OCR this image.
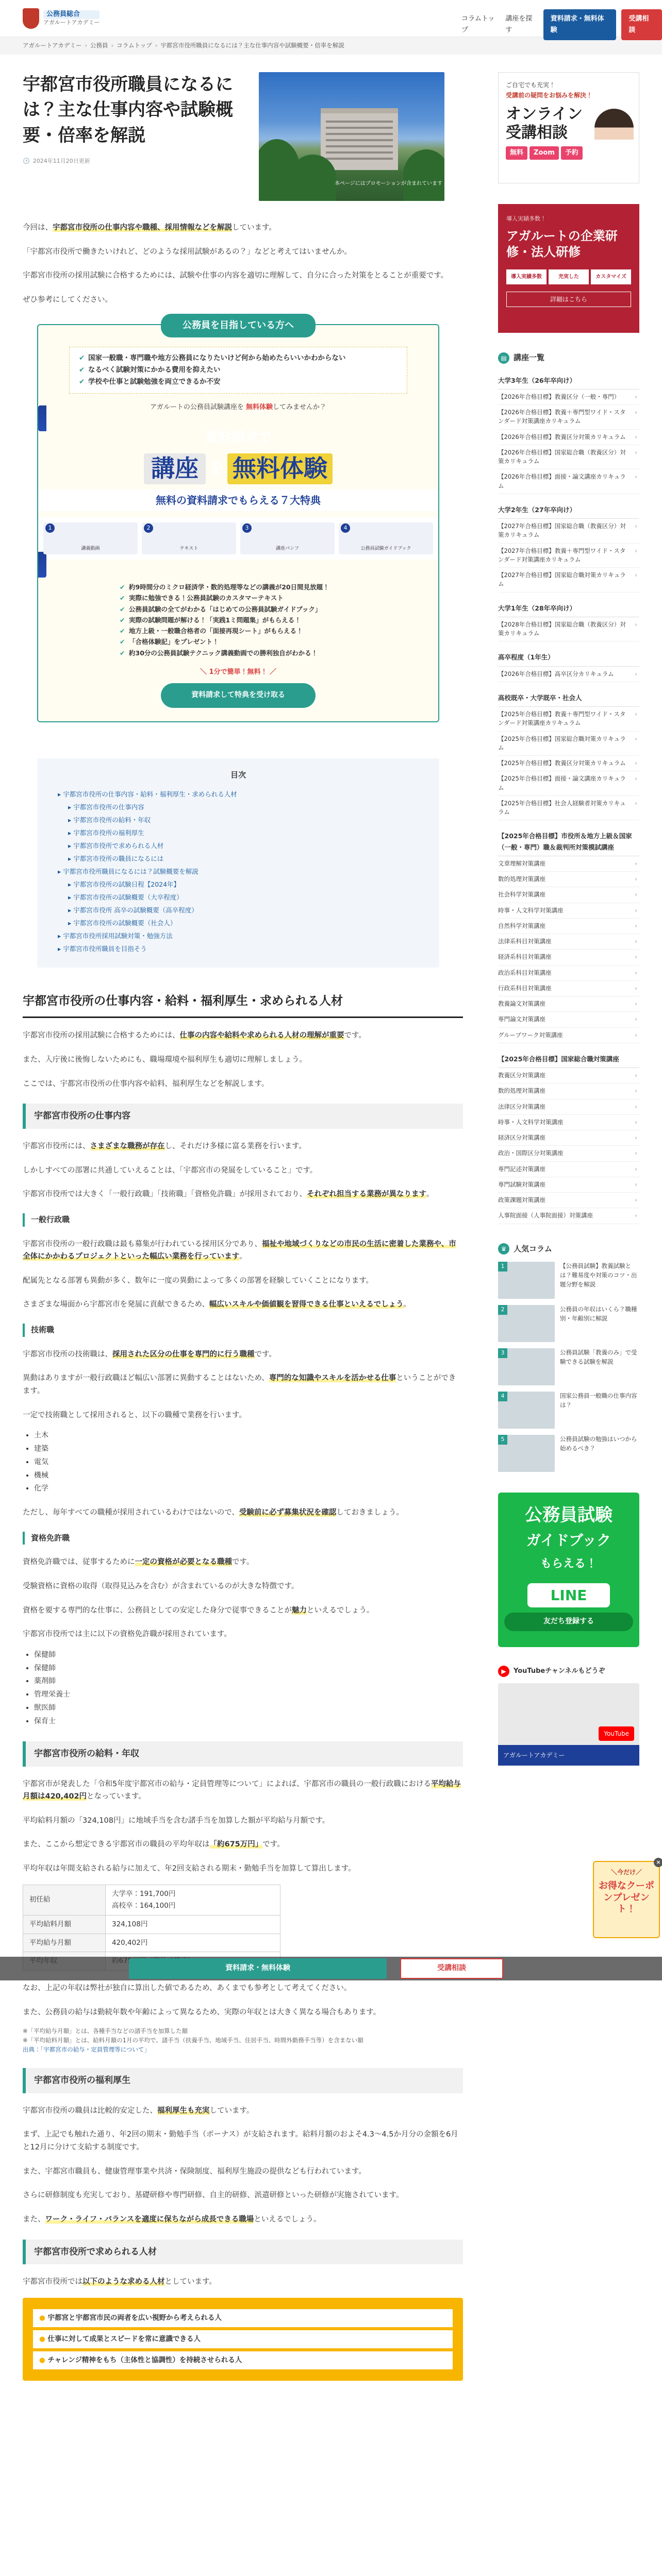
公務員総合
アガルートアカデミー	コラムトップ
講座を探す
資料請求・無料体験
受講相談
アガルートアカデミー › 公務員 › コラムトップ › 宇都宮市役所職員になるには？主な仕事内容や試験概要・倍率を解説
宇都宮市役所職員になるには？主な仕事内容や試験概要・倍率を解説
🕒 2024年11月20日更新
本ページにはプロモーションが含まれています

今回は、宇都宮市役所の仕事内容や職種、採用情報などを解説しています。

「宇都宮市役所で働きたいけれど、どのような採用試験があるの？」などと考えてはいませんか。

宇都宮市役所の採用試験に合格するためには、試験や仕事の内容を適切に理解して、自分に合った対策をとることが重要です。

ぜひ参考にしてください。

公務員を目指している方へ
✔ 国家一般職・専門職や地方公務員になりたいけど何から始めたらいいかわからない
✔ なるべく試験対策にかかる費用を抑えたい
✔ 学校や仕事と試験勉強を両立できるか不安

アガルートの公務員試験講座を 無料体験してみませんか？

資料請求で
講座 を 無料体験
無料の資料請求でもらえる７大特典
1
講義動画
2
テキスト
3
講座パンフ
4
公務員試験ガイドブック
✔ 約9時間分のミクロ経済学・数的処理等などの講義が20日間見放題！
✔ 実際に勉強できる！公務員試験のカスタマーテキスト
✔ 公務員試験の全てがわかる「はじめての公務員試験ガイドブック」
✔ 実際の試験問題が解ける！「実践1ミ問題集」がもらえる！
✔ 地方上級・一般職合格者の「面接再現シート」がもらえる！
✔ 「合格体験記」をプレゼント！
✔ 約30分の公務員試験テクニック講義動画での勝利独自がわかる！

＼ 1分で簡単！無料！ ／

資料請求して特典を受け取る
目次
▸ 宇都宮市役所の仕事内容・給料・福利厚生・求められる人材
▸ 宇都宮市役所の仕事内容
▸ 宇都宮市役所の給料・年収
▸ 宇都宮市役所の福利厚生
▸ 宇都宮市役所で求められる人材
▸ 宇都宮市役所の職員になるには
▸ 宇都宮市役所職員になるには？試験概要を解説
▸ 宇都宮市役所の試験日程【2024年】
▸ 宇都宮市役所の試験概要（大卒程度）
▸ 宇都宮市役所 高卒の試験概要（高卒程度）
▸ 宇都宮市役所の試験概要（社会人）
▸ 宇都宮市役所採用試験対策・勉強方法
▸ 宇都宮市役所職員を目指そう
宇都宮市役所の仕事内容・給料・福利厚生・求められる人材

宇都宮市役所の採用試験に合格するためには、仕事の内容や給料や求められる人材の理解が重要です。

また、入庁後に後悔しないためにも、職場環境や福利厚生も適切に理解しましょう。

ここでは、宇都宮市役所の仕事内容や給料、福利厚生などを解説します。

宇都宮市役所の仕事内容

宇都宮市役所には、さまざまな職務が存在し、それだけ多様に富る業務を行います。

しかしすべての部署に共通していえることは、「宇都宮市の発展をしていること」です。

宇都宮市役所では大きく「一般行政職」「技術職」「資格免許職」が採用されており、それぞれ担当する業務が異なります。

一般行政職

宇都宮市役所の一般行政職は最も募集が行われている採用区分であり、福祉や地域づくりなどの市民の生活に密着した業務や、市全体にかかわるプロジェクトといった幅広い業務を行っています。

配属先となる部署も異動が多く、数年に一度の異動によって多くの部署を経験していくことになります。

さまざまな場面から宇都宮市を発展に貢献できるため、幅広いスキルや価値観を習得できる仕事といえるでしょう。

技術職

宇都宮市役所の技術職は、採用された区分の仕事を専門的に行う職種です。

異動はありますが一般行政職ほど幅広い部署に異動することはないため、専門的な知識やスキルを活かせる仕事ということができます。

一定で技術職として採用されると、以下の職種で業務を行います。

• 土木
• 建築
• 電気
• 機械
• 化学

ただし、毎年すべての職種が採用されているわけではないので、受験前に必ず募集状況を確認しておきましょう。

資格免許職

資格免許職では、従事するために一定の資格が必要となる職種です。

受験資格に資格の取得（取得見込みを含む）が含まれているのが大きな特徴です。

資格を要する専門的な仕事に、公務員としての安定した身分で従事できることが魅力といえるでしょう。

宇都宮市役所では主に以下の資格免許職が採用されています。

• 保健師
• 保健師
• 薬剤師
• 管理栄養士
• 獣医師
• 保育士
宇都宮市役所の給料・年収

宇都宮市が発表した「令和5年度宇都宮市の給与・定員管理等について」によれば、宇都宮市の職員の一般行政職における平均給与月額は420,402円となっています。

平均給料月額の「324,108円」に地域手当を含む諸手当を加算した額が平均給与月額です。

また、ここから想定できる宇都宮市の職員の平均年収は「約675万円」です。

平均年収は年間支給される給与に加えて、年2回支給される期末・勤勉手当を加算して算出します。

初任給	大学卒：191,700円
高校卒：164,100円
平均給料月額	324,108円
平均給与月額	420,402円

なお、上記の年収は弊社が独自に算出した値であるため、あくまでも参考として考えてください。

また、公務員の給与は勤続年数や年齢によって異なるため、実際の年収とは大きく異なる場合もあります。

※「平均給与月額」とは、各種手当などの諸手当を加算した額
※「平均給料月額」とは、給料月額の1月の平均で、諸手当（扶養手当、地域手当、住居手当、時間外勤務手当等）を含まない額
出典：「宇都宮市の給与・定員管理等について」

宇都宮市役所の福利厚生

宇都宮市役所の職員は比較的安定した、福利厚生も充実しています。

まず、上記でも触れた通り、年2回の期末・勤勉手当（ボーナス）が支給されます。給料月額のおよそ4.3〜4.5か月分の金額を6月と12月に分けて支給する制度です。

また、宇都宮市職員も、健康管理事業や共済・保険制度、福利厚生施設の提供なども行われています。

さらに研修制度も充実しており、基礎研修や専門研修、自主的研修、派遣研修といった研修が実施されています。

また、ワーク・ライフ・バランスを適度に保ちながら成長できる職場といえるでしょう。

宇都宮市役所で求められる人材

宇都宮市役所では以下のような求める人材としています。

● 宇都宮と宇都宮市民の両者を広い視野から考えられる人
● 仕事に対して成果とスピードを常に意識できる人
● チャレンジ精神をもち（主体性と協調性）を持続させられる人
ご自宅でも充実！
受講前の疑問をお悩みを解決！
オンライン
受講相談
無料	Zoom	予約
導入実績多数！
アガルートの企業研修・法人研修
導入実績多数	充実した	カスタマイズ
詳細はこちら
▤ 講座一覧
大学3年生（26年卒向け）
【2026年合格目標】教養区分（一般・専門） ›
【2026年合格目標】教養＋専門型ワイド・スタンダード対策講座カリキュラム ›
【2026年合格目標】教養区分対策カリキュラム ›
【2026年合格目標】国家総合職（教養区分）対策カリキュラム ›
【2026年合格目標】面接・論文講座カリキュラム ›
大学2年生（27年卒向け）
【2027年合格目標】国家総合職（教養区分）対策カリキュラム ›
【2027年合格目標】教養＋専門型ワイド・スタンダード対策講座カリキュラム ›
【2027年合格目標】国家総合職対策カリキュラム ›
大学1年生（28年卒向け）
【2028年合格目標】国家総合職（教養区分）対策カリキュラム ›
高卒程度（1年生）
【2026年合格目標】高卒区分カリキュラム ›
高校既卒・大学既卒・社会人
【2025年合格目標】教養＋専門型ワイド・スタンダード対策講座カリキュラム ›
【2025年合格目標】国家総合職対策カリキュラム ›
【2025年合格目標】教養区分対策カリキュラム ›
【2025年合格目標】面接・論文講座カリキュラム ›
【2025年合格目標】社会人経験者対策カリキュラム ›
【2025年合格目標】市役所＆地方上級＆国家（一般・専門）職＆裁判所対策模試講座
文章理解対策講座 ›
数的処理対策講座 ›
社会科学対策講座 ›
時事・人文科学対策講座 ›
自然科学対策講座 ›
法律系科目対策講座 ›
経済系科目対策講座 ›
政治系科目対策講座 ›
行政系科目対策講座 ›
教養論文対策講座 ›
専門論文対策講座 ›
グループワーク対策講座 ›
【2025年合格目標】国家総合職対策講座
教養区分対策講座 ›
数的処理対策講座 ›
法律区分対策講座 ›
時事・人文科学対策講座 ›
経済区分対策講座 ›
政治・国際区分対策講座 ›
専門記述対策講座 ›
専門試験対策講座 ›
政策課題対策講座 ›
人事院面接（人事院面接）対策講座 ›
♛ 人気コラム
1	【公務員試験】教養試験とは？難易度や対策のコツ・出題分野を解説
2	公務員の年収はいくら？職種別・年齢別に解説
3	公務員試験「教養のみ」で受験できる試験を解説
4	国家公務員一般職の仕事内容は？
5	公務員試験の勉強はいつから始めるべき？
公務員試験
ガイドブック
もらえる！
LINE
友だち登録する
▶	YouTubeチャンネルもどうぞ
YouTube
アガルートアカデミー
×
＼今だけ／
お得なクーポンプレゼント！
資料請求・無料体験	受講相談
